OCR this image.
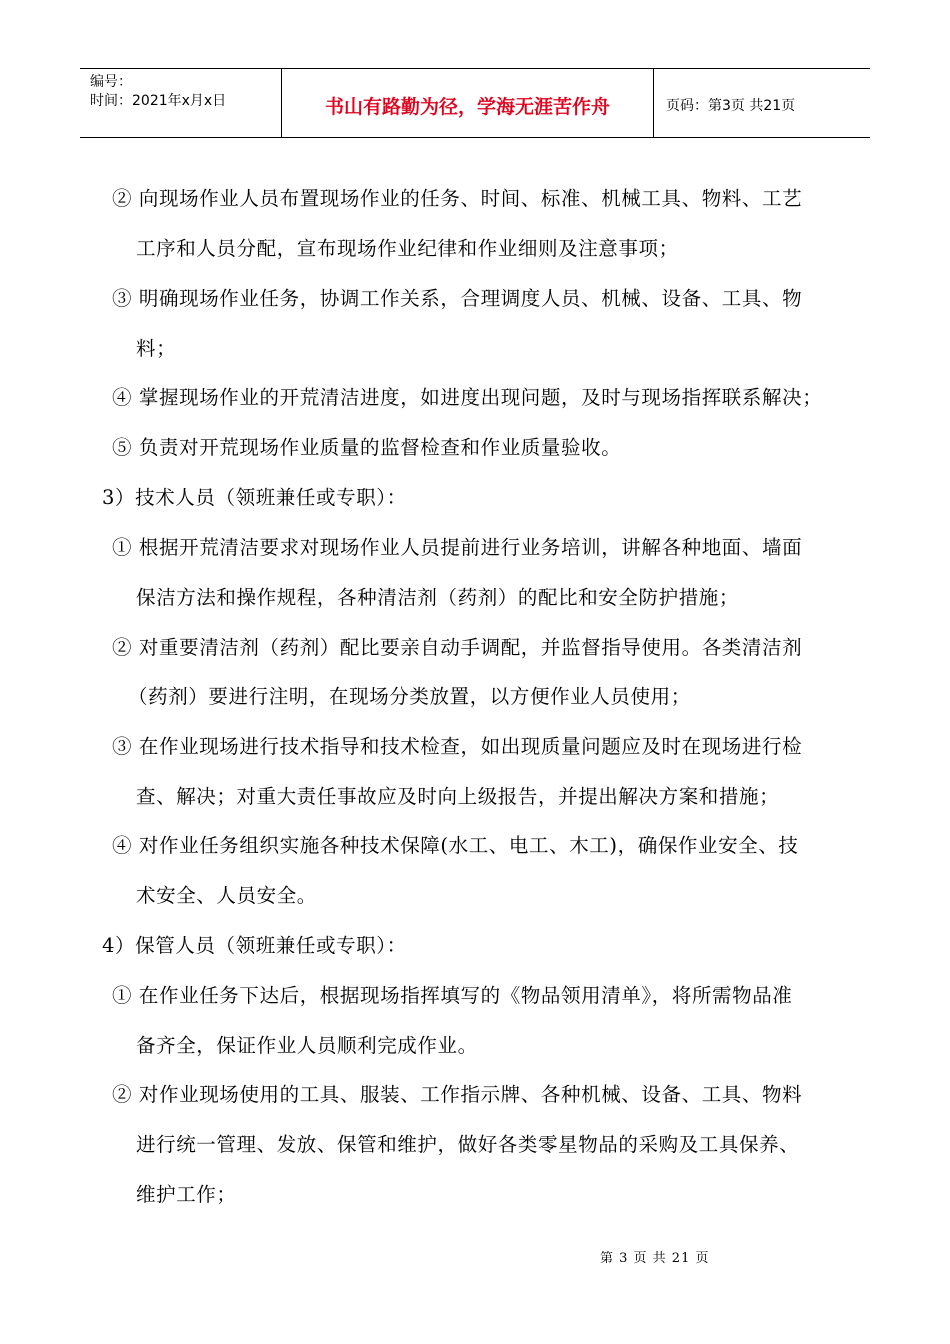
编号：
时间：2021年x月x日	书山有路勤为径，学海无涯苦作舟	页码：第3页 共21页
② 向现场作业人员布置现场作业的任务、时间、标准、机械工具、物料、工艺
工序和人员分配，宣布现场作业纪律和作业细则及注意事项；
③ 明确现场作业任务，协调工作关系，合理调度人员、机械、设备、工具、物
料；
④ 掌握现场作业的开荒清洁进度，如进度出现问题，及时与现场指挥联系解决；
⑤ 负责对开荒现场作业质量的监督检查和作业质量验收。
3）技术人员（领班兼任或专职）：
① 根据开荒清洁要求对现场作业人员提前进行业务培训，讲解各种地面、墙面
保洁方法和操作规程，各种清洁剂（药剂）的配比和安全防护措施；
② 对重要清洁剂（药剂）配比要亲自动手调配，并监督指导使用。各类清洁剂
（药剂）要进行注明，在现场分类放置，以方便作业人员使用；
③ 在作业现场进行技术指导和技术检查，如出现质量问题应及时在现场进行检
查、解决；对重大责任事故应及时向上级报告，并提出解决方案和措施；
④ 对作业任务组织实施各种技术保障(水工、电工、木工)，确保作业安全、技
术安全、人员安全。
4）保管人员（领班兼任或专职）：
① 在作业任务下达后，根据现场指挥填写的《物品领用清单》，将所需物品准
备齐全，保证作业人员顺利完成作业。
② 对作业现场使用的工具、服装、工作指示牌、各种机械、设备、工具、物料
进行统一管理、发放、保管和维护，做好各类零星物品的采购及工具保养、
维护工作；
第 3 页 共 21 页
